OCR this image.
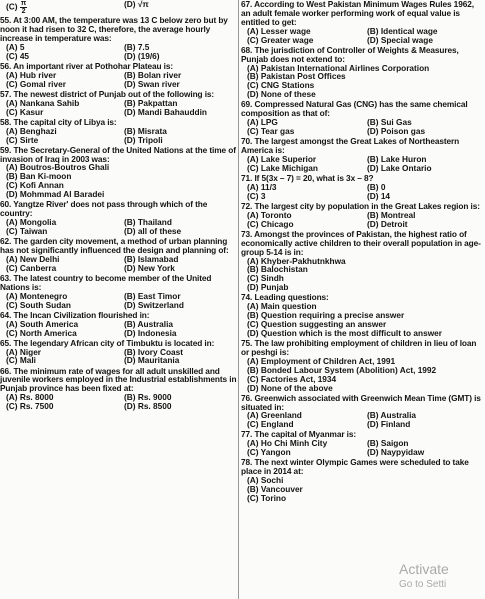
$(C) \frac{\pi}{2}$	(D) √π
55. At 3:00 AM, the temperature was 13 C below zero but by noon it had risen to 32 C, therefore, the average hourly increase in temperature was:
(A) 5	(B) 7.5
(C) 45	(D) (19/6)
56. An important river at Pothohar Plateau is:
(A) Hub river	(B) Bolan river
(C) Gomal river	(D) Swan river
57. The newest district of Punjab out of the following is:
(A) Nankana Sahib	(B) Pakpattan
(C) Kasur	(D) Mandi Bahauddin
58. The capital city of Libya is:
(A) Benghazi	(B) Misrata
(C) Sirte	(D) Tripoli
59. The Secretary-General of the United Nations at the time of invasion of Iraq in 2003 was:
(A) Boutros-Boutros Ghali
(B) Ban Ki-moon
(C) Kofi Annan
(D) Mohmmad Al Baradei
60. Yangtze River' does not pass through which of the country:
(A) Mongolia	(B) Thailand
(C) Taiwan	(D) all of these
62. The garden city movement, a method of urban planning has not significantly influenced the design and planning of:
(A) New Delhi	(B) Islamabad
(C) Canberra	(D) New York
63. The latest country to become member of the United Nations is:
(A) Montenegro	(B) East Timor
(C) South Sudan	(D) Switzerland
64. The Incan Civilization flourished in:
(A) South America	(B) Australia
(C) North America	(D) Indonesia
65. The legendary African city of Timbuktu is located in:
(A) Niger	(B) Ivory Coast
(C) Mali	(D) Mauritania
66. The minimum rate of wages for all adult unskilled and juvenile workers employed in the Industrial establishments in Punjab province has been fixed at:
(A) Rs. 8000	(B) Rs. 9000
(C) Rs. 7500	(D) Rs. 8500
67. According to West Pakistan Minimum Wages Rules 1962, an adult female worker performing work of equal value is entitled to get:
(A) Lesser wage	(B) Identical wage
(C) Greater wage	(D) Special wage
68. The jurisdiction of Controller of Weights & Measures, Punjab does not extend to:
(A) Pakistan International Airlines Corporation
(B) Pakistan Post Offices
(C) CNG Stations
(D) None of these
69. Compressed Natural Gas (CNG) has the same chemical composition as that of:
(A) LPG	(B) Sui Gas
(C) Tear gas	(D) Poison gas
70. The largest amongst the Great Lakes of Northeastern America is:
(A) Lake Superior	(B) Lake Huron
(C) Lake Michigan	(D) Lake Ontario
71. If 5(3x – 7) = 20, what is 3x – 8?
(A) 11/3	(B) 0
(C) 3	(D) 14
72. The largest city by population in the Great Lakes region is:
(A) Toronto	(B) Montreal
(C) Chicago	(D) Detroit
73. Amongst the provinces of Pakistan, the highest ratio of economically active children to their overall population in age-group 5-14 is in:
(A) Khyber-Pakhutnkhwa
(B) Balochistan
(C) Sindh
(D) Punjab
74. Leading questions:
(A) Main question
(B) Question requiring a precise answer
(C) Question suggesting an answer
(D) Question which is the most difficult to answer
75. The law prohibiting employment of children in lieu of loan or peshgi is:
(A) Employment of Children Act, 1991
(B) Bonded Labour System (Abolition) Act, 1992
(C) Factories Act, 1934
(D) None of the above
76. Greenwich associated with Greenwich Mean Time (GMT) is situated in:
(A) Greenland	(B) Australia
(C) England	(D) Finland
77. The capital of Myanmar is:
(A) Ho Chi Minh City	(B) Saigon
(C) Yangon	(D) Naypyidaw
78. The next winter Olympic Games were scheduled to take place in 2014 at:
(A) Sochi
(B) Vancouver
(C) Torino
Activate
Go to Setti
